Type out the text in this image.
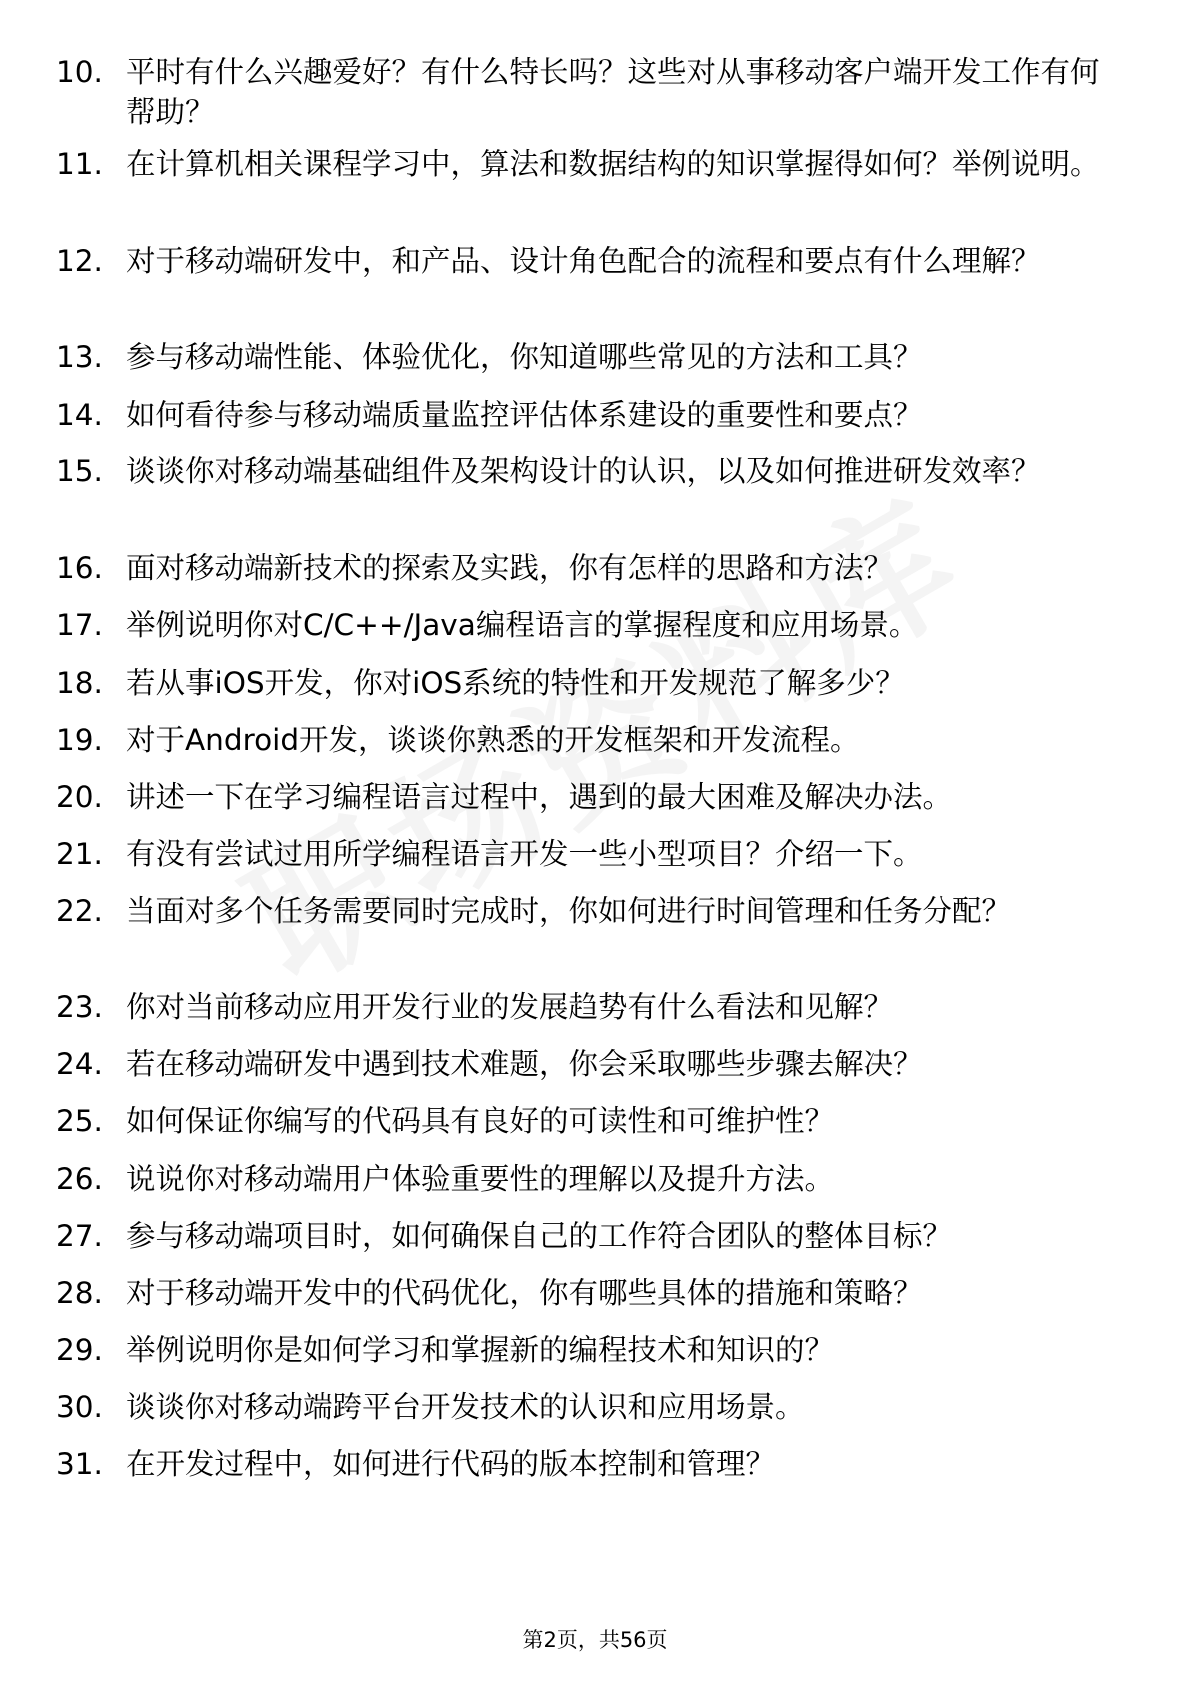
10. 平时有什么兴趣爱好？有什么特长吗？这些对从事移动客户端开发工作有何帮助？
11. 在计算机相关课程学习中，算法和数据结构的知识掌握得如何？举例说明。
12. 对于移动端研发中，和产品、设计角色配合的流程和要点有什么理解？
13. 参与移动端性能、体验优化，你知道哪些常见的方法和工具？
14. 如何看待参与移动端质量监控评估体系建设的重要性和要点？
15. 谈谈你对移动端基础组件及架构设计的认识，以及如何推进研发效率？
16. 面对移动端新技术的探索及实践，你有怎样的思路和方法？
17. 举例说明你对C/C++/Java编程语言的掌握程度和应用场景。
18. 若从事iOS开发，你对iOS系统的特性和开发规范了解多少？
19. 对于Android开发，谈谈你熟悉的开发框架和开发流程。
20. 讲述一下在学习编程语言过程中，遇到的最大困难及解决办法。
21. 有没有尝试过用所学编程语言开发一些小型项目？介绍一下。
22. 当面对多个任务需要同时完成时，你如何进行时间管理和任务分配？
23. 你对当前移动应用开发行业的发展趋势有什么看法和见解？
24. 若在移动端研发中遇到技术难题，你会采取哪些步骤去解决？
25. 如何保证你编写的代码具有良好的可读性和可维护性？
26. 说说你对移动端用户体验重要性的理解以及提升方法。
27. 参与移动端项目时，如何确保自己的工作符合团队的整体目标？
28. 对于移动端开发中的代码优化，你有哪些具体的措施和策略？
29. 举例说明你是如何学习和掌握新的编程技术和知识的？
30. 谈谈你对移动端跨平台开发技术的认识和应用场景。
31. 在开发过程中，如何进行代码的版本控制和管理？
第2页，共56页
